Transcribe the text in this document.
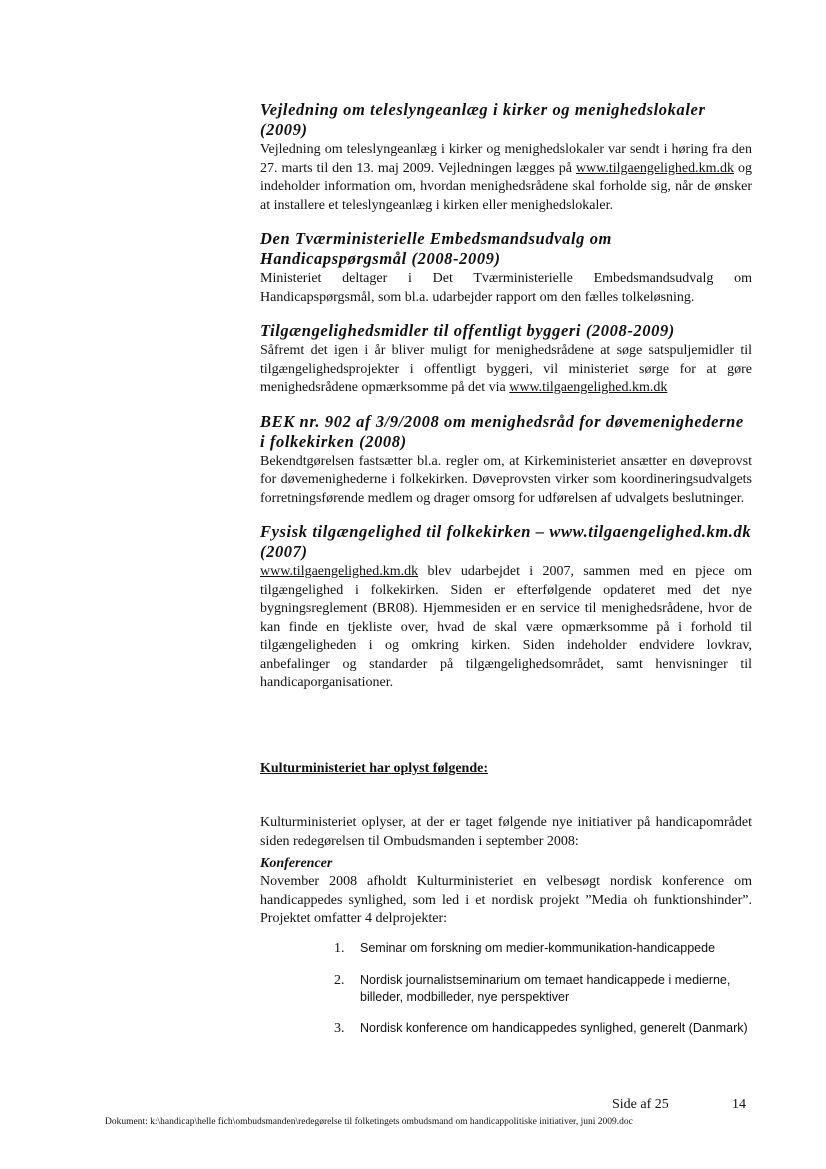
Vejledning om teleslyngeanlæg i kirker og menighedslokaler (2009)

Vejledning om teleslyngeanlæg i kirker og menighedslokaler var sendt i høring fra den 27. marts til den 13. maj 2009. Vejledningen lægges på www.tilgaengelighed.km.dk og indeholder information om, hvordan menighedsrådene skal forholde sig, når de ønsker at installere et teleslyngeanlæg i kirken eller menighedslokaler.

Den Tværministerielle Embedsmandsudvalg om Handicapspørgsmål (2008-2009)

Ministeriet deltager i Det Tværministerielle Embedsmandsudvalg om Handicapspørgsmål, som bl.a. udarbejder rapport om den fælles tolkeløsning.

Tilgængelighedsmidler til offentligt byggeri (2008-2009)

Såfremt det igen i år bliver muligt for menighedsrådene at søge satspuljemidler til tilgængelighedsprojekter i offentligt byggeri, vil ministeriet sørge for at gøre menighedsrådene opmærksomme på det via www.tilgaengelighed.km.dk

BEK nr. 902 af 3/9/2008 om menighedsråd for døvemenighederne i folkekirken (2008)

Bekendtgørelsen fastsætter bl.a. regler om, at Kirkeministeriet ansætter en døveprovst for døvemenighederne i folkekirken. Døveprovsten virker som koordineringsudvalgets forretningsførende medlem og drager omsorg for udførelsen af udvalgets beslutninger.

Fysisk tilgængelighed til folkekirken – www.tilgaengelighed.km.dk (2007)

www.tilgaengelighed.km.dk blev udarbejdet i 2007, sammen med en pjece om tilgængelighed i folkekirken. Siden er efterfølgende opdateret med det nye bygningsreglement (BR08). Hjemmesiden er en service til menighedsrådene, hvor de kan finde en tjekliste over, hvad de skal være opmærksomme på i forhold til tilgængeligheden i og omkring kirken. Siden indeholder endvidere lovkrav, anbefalinger og standarder på tilgængelighedsområdet, samt henvisninger til handicaporganisationer.

Kulturministeriet har oplyst følgende:

Kulturministeriet oplyser, at der er taget følgende nye initiativer på handicapområdet siden redegørelsen til Ombudsmanden i september 2008:

Konferencer

November 2008 afholdt Kulturministeriet en velbesøgt nordisk konference om handicappedes synlighed, som led i et nordisk projekt ”Media oh funktionshinder”. Projektet omfatter 4 delprojekter:

1.	Seminar om forskning om medier-kommunikation-handicappede
2.	Nordisk journalistseminarium om temaet handicappede i medierne, billeder, modbilleder, nye perspektiver
3.	Nordisk konference om handicappedes synlighed, generelt (Danmark)
Side af 25	14
Dokument: k:\handicap\helle fich\ombudsmanden\redegørelse til folketingets ombudsmand om handicappolitiske initiativer, juni 2009.doc
